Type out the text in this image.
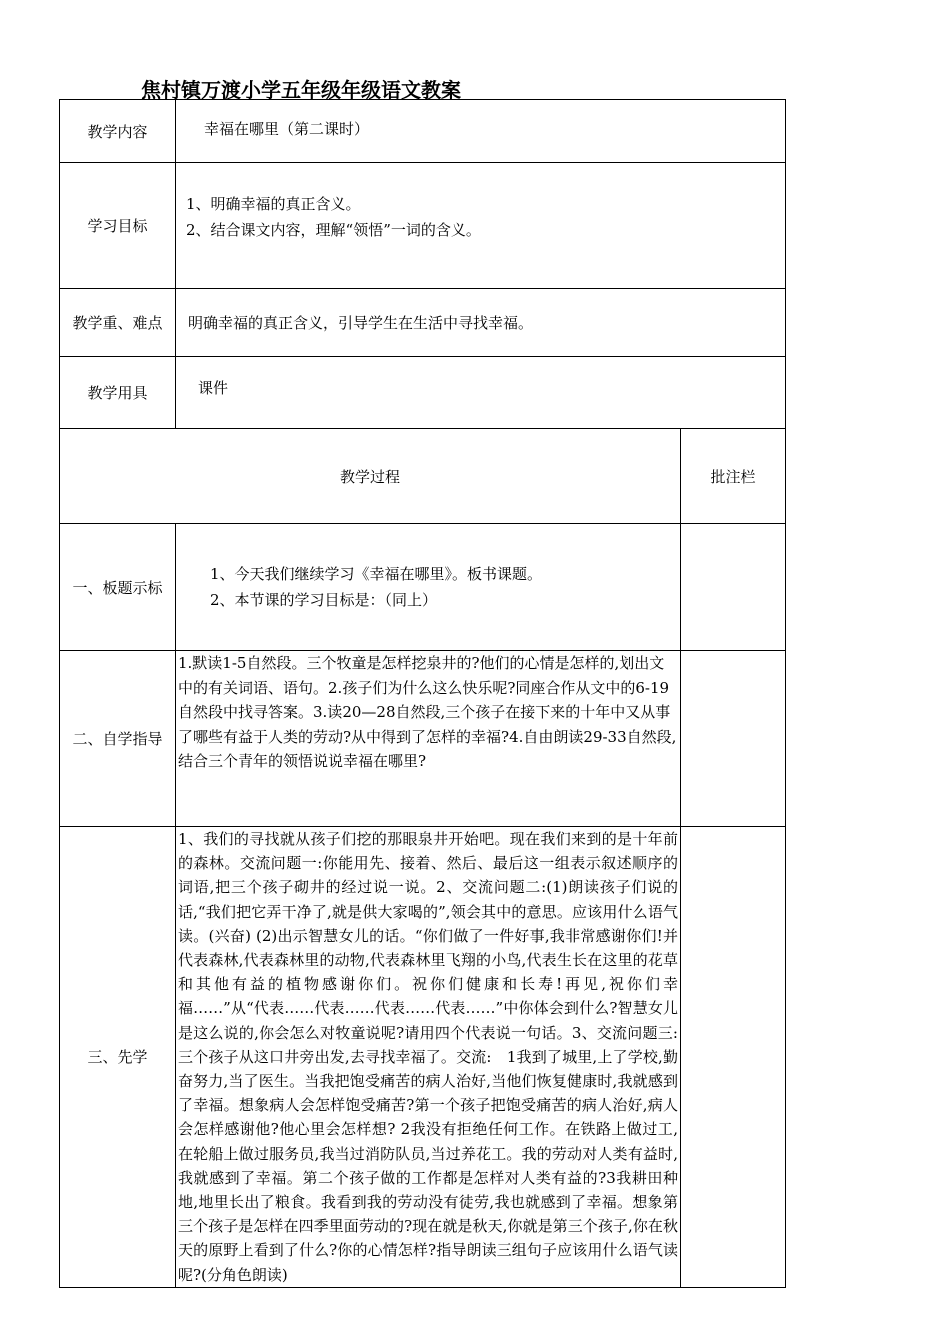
焦村镇万渡小学五年级年级语文教案
教学内容	幸福在哪里（第二课时）	
学习目标	1、明确幸福的真正含义。
2、结合课文内容，理解“领悟”一词的含义。	

教学重、难点	明确幸福的真正含义，引导学生在生活中寻找幸福。	
教学用具	课件	
教学过程		批注栏
一、板题示标	1、今天我们继续学习《幸福在哪里》。板书课题。
2、本节课的学习目标是：（同上）	

二、自学指导	1.默读1-5自然段。三个牧童是怎样挖泉井的?他们的心情是怎样的,划出文中的有关词语、语句。2.孩子们为什么这么快乐呢?同座合作从文中的6-19自然段中找寻答案。3.读20—28自然段,三个孩子在接下来的十年中又从事了哪些有益于人类的劳动?从中得到了怎样的幸福?4.自由朗读29-33自然段,结合三个青年的领悟说说幸福在哪里?	
三、先学	1、我们的寻找就从孩子们挖的那眼泉井开始吧。现在我们来到的是十年前的森林。交流问题一:你能用先、接着、然后、最后这一组表示叙述顺序的词语,把三个孩子砌井的经过说一说。2、交流问题二:(1)朗读孩子们说的话,“我们把它弄干净了,就是供大家喝的”,领会其中的意思。应该用什么语气读。(兴奋) (2)出示智慧女儿的话。“你们做了一件好事,我非常感谢你们!并代表森林,代表森林里的动物,代表森林里飞翔的小鸟,代表生长在这里的花草和其他有益的植物感谢你们。祝你们健康和长寿!再见,祝你们幸福……”从“代表……代表……代表……代表……”中你体会到什么?智慧女儿是这么说的,你会怎么对牧童说呢?请用四个代表说一句话。3、交流问题三:三个孩子从这口井旁出发,去寻找幸福了。交流:　1我到了城里,上了学校,勤奋努力,当了医生。当我把饱受痛苦的病人治好,当他们恢复健康时,我就感到了幸福。想象病人会怎样饱受痛苦?第一个孩子把饱受痛苦的病人治好,病人会怎样感谢他?他心里会怎样想? 2我没有拒绝任何工作。在铁路上做过工,在轮船上做过服务员,我当过消防队员,当过养花工。我的劳动对人类有益时,我就感到了幸福。第二个孩子做的工作都是怎样对人类有益的?3我耕田种地,地里长出了粮食。我看到我的劳动没有徒劳,我也就感到了幸福。想象第三个孩子是怎样在四季里面劳动的?现在就是秋天,你就是第三个孩子,你在秋天的原野上看到了什么?你的心情怎样?指导朗读三组句子应该用什么语气读呢?(分角色朗读)	
